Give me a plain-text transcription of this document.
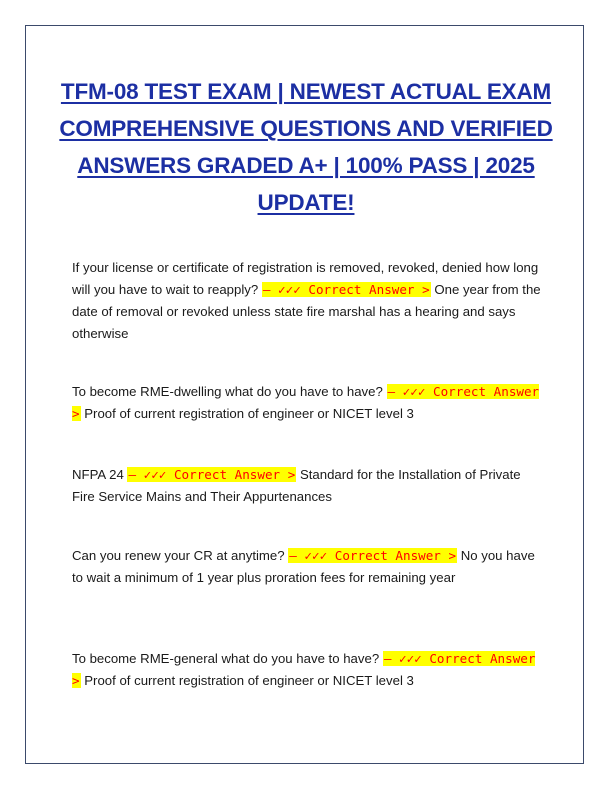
TFM-08 TEST EXAM | NEWEST ACTUAL EXAM COMPREHENSIVE QUESTIONS AND VERIFIED ANSWERS GRADED A+ | 100% PASS | 2025 UPDATE!
If your license or certificate of registration is removed, revoked, denied how long will you have to wait to reapply? – ✓✓✓ Correct Answer > One year from the date of removal or revoked unless state fire marshal has a hearing and says otherwise
To become RME-dwelling what do you have to have? – ✓✓✓ Correct Answer > Proof of current registration of engineer or NICET level 3
NFPA 24 – ✓✓✓ Correct Answer > Standard for the Installation of Private Fire Service Mains and Their Appurtenances
Can you renew your CR at anytime? – ✓✓✓ Correct Answer > No you have to wait a minimum of 1 year plus proration fees for remaining year
To become RME-general what do you have to have? – ✓✓✓ Correct Answer > Proof of current registration of engineer or NICET level 3
